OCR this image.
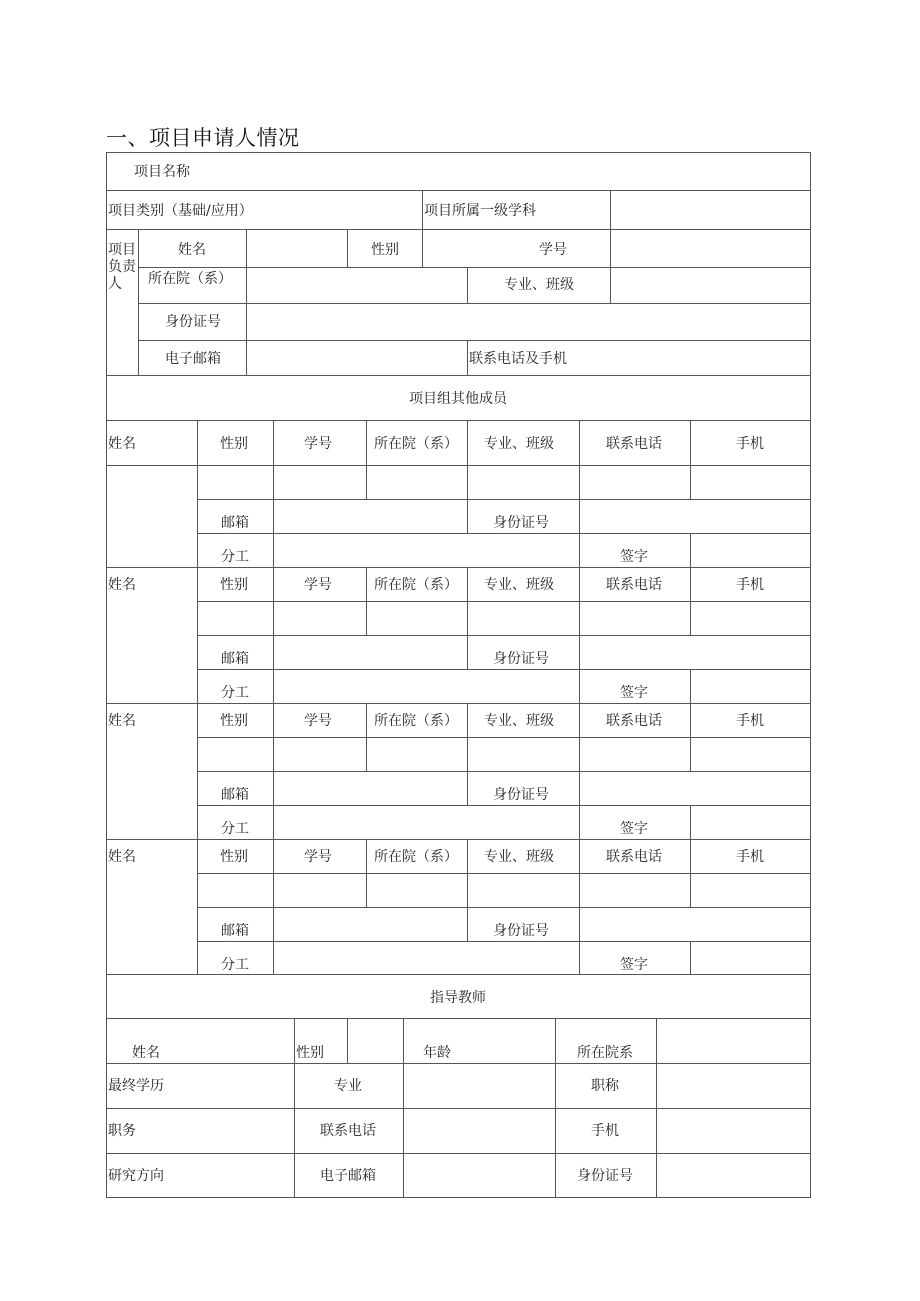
一、项目申请人情况
项目名称
项目类别（基础/应用）	项目所属一级学科
项目负责人
姓名	性别	学号
所在院（系）	专业、班级
身份证号
电子邮箱	联系电话及手机
项目组其他成员
姓名	性别	学号	所在院（系） 专业、班级	联系电话	手机
邮箱	身份证号
分工	签字
姓名	性别	学号	所在院（系） 专业、班级	联系电话	手机
邮箱	身份证号
分工	签字
姓名	性别	学号	所在院（系） 专业、班级	联系电话	手机
邮箱	身份证号
分工	签字
姓名	性别	学号	所在院（系） 专业、班级	联系电话	手机
邮箱	身份证号
分工	签字
指导教师
姓名	性别	年龄	所在院系
最终学历	专业	职称
职务	联系电话	手机
研究方向	电子邮箱	身份证号
